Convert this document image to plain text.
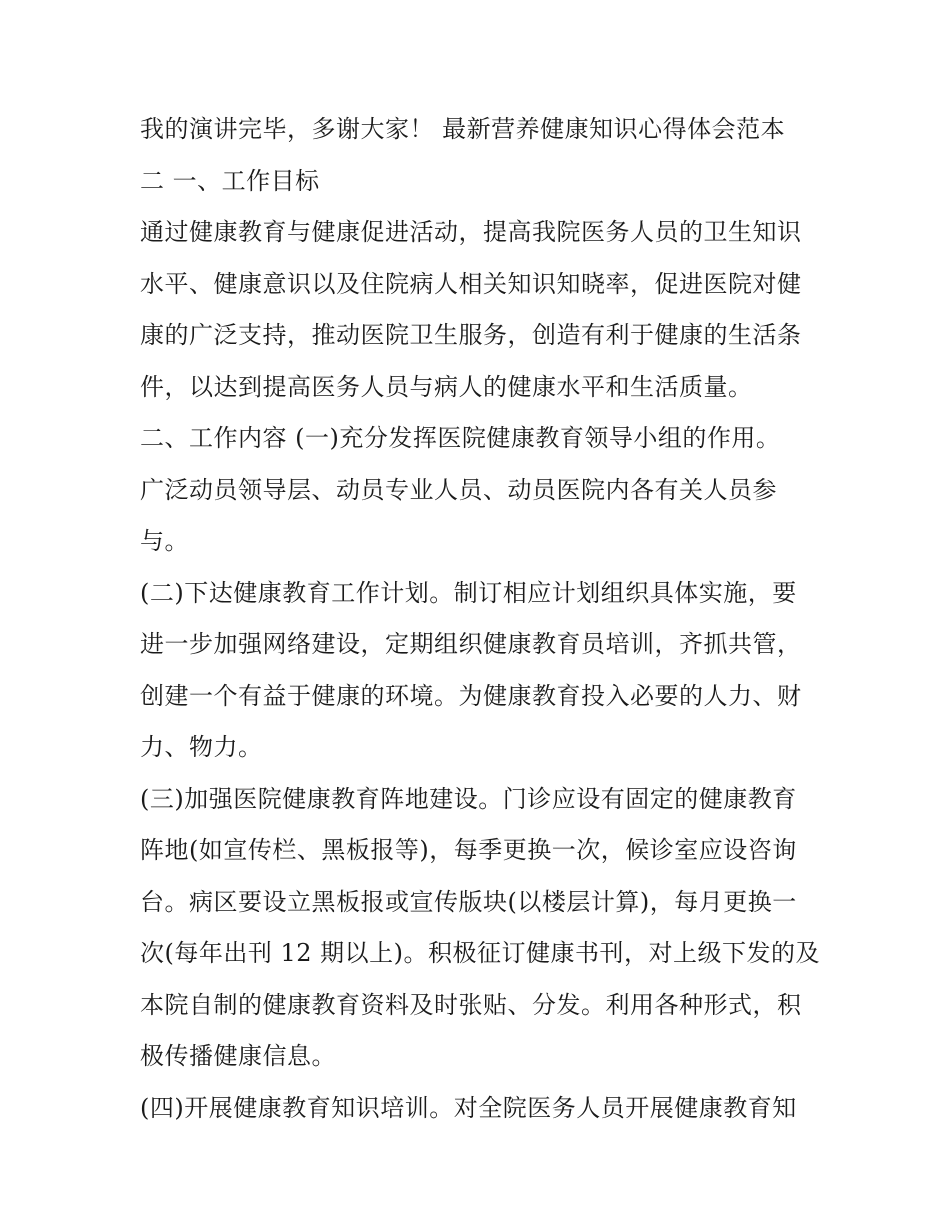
我的演讲完毕，多谢大家！ 最新营养健康知识心得体会范本
二 一、工作目标
通过健康教育与健康促进活动，提高我院医务人员的卫生知识
水平、健康意识以及住院病人相关知识知晓率，促进医院对健
康的广泛支持，推动医院卫生服务，创造有利于健康的生活条
件，以达到提高医务人员与病人的健康水平和生活质量。
二、工作内容 (一)充分发挥医院健康教育领导小组的作用。
广泛动员领导层、动员专业人员、动员医院内各有关人员参
与。
(二)下达健康教育工作计划。制订相应计划组织具体实施，要
进一步加强网络建设，定期组织健康教育员培训，齐抓共管，
创建一个有益于健康的环境。为健康教育投入必要的人力、财
力、物力。
(三)加强医院健康教育阵地建设。门诊应设有固定的健康教育
阵地(如宣传栏、黑板报等)，每季更换一次，候诊室应设咨询
台。病区要设立黑板报或宣传版块(以楼层计算)，每月更换一
次(每年出刊 12 期以上)。积极征订健康书刊，对上级下发的及
本院自制的健康教育资料及时张贴、分发。利用各种形式，积
极传播健康信息。
(四)开展健康教育知识培训。对全院医务人员开展健康教育知
